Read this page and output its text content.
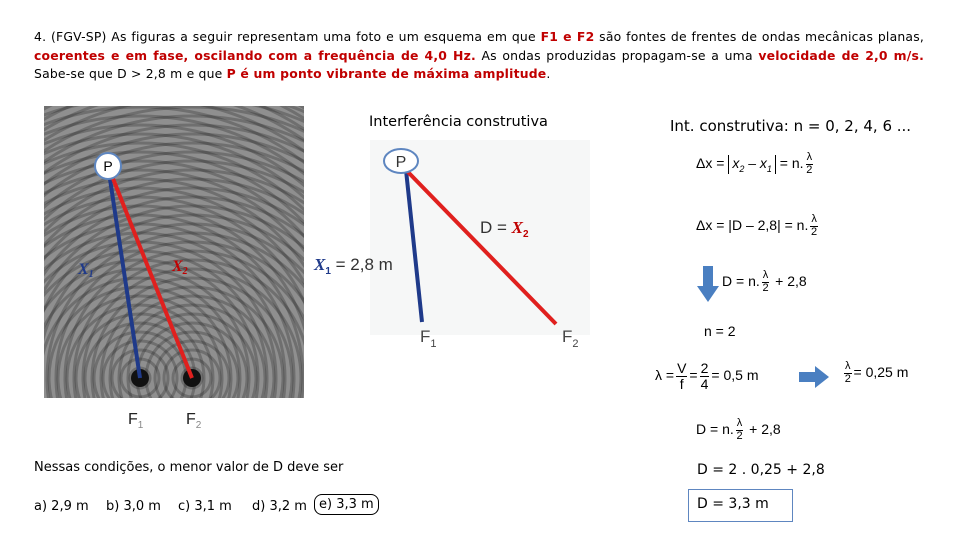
4. (FGV-SP) As figuras a seguir representam uma foto e um esquema em que F1 e F2 são fontes de frentes de ondas mecânicas planas, coerentes e em fase, oscilando com a frequência de 4,0 Hz. As ondas produzidas propagam-se a uma velocidade de 2,0 m/s. Sabe-se que D > 2,8 m e que P é um ponto vibrante de máxima amplitude.
Interferência construtiva	Int. construtiva: n = 0, 2, 4, 6 ...
P
X1	X2
$F_1$	$F_2$
P
$D = X_2$
$X_1 = 2,8$ m
$F_1$	$F_2$
$\Delta x = x_2 - x_1 = n$. $\frac{\lambda}{2}$
Δx = |D – 2,8| = n. $\frac{\lambda}{2}$
D = n. $\frac{\lambda}{2} + 2,8$
n = 2
$\lambda = \frac{V}{f} = \frac{2}{4} = 0,5$ m	$\frac{\lambda}{2} = 0,25$ m
D = n. $\frac{\lambda}{2} + 2,8$
D = 2 . 0,25 + 2,8
D = 3,3 m
Nessas condições, o menor valor de D deve ser
a) 2,9 m b) 3,0 m c) 3,1 m d) 3,2 m e) 3,3 m
